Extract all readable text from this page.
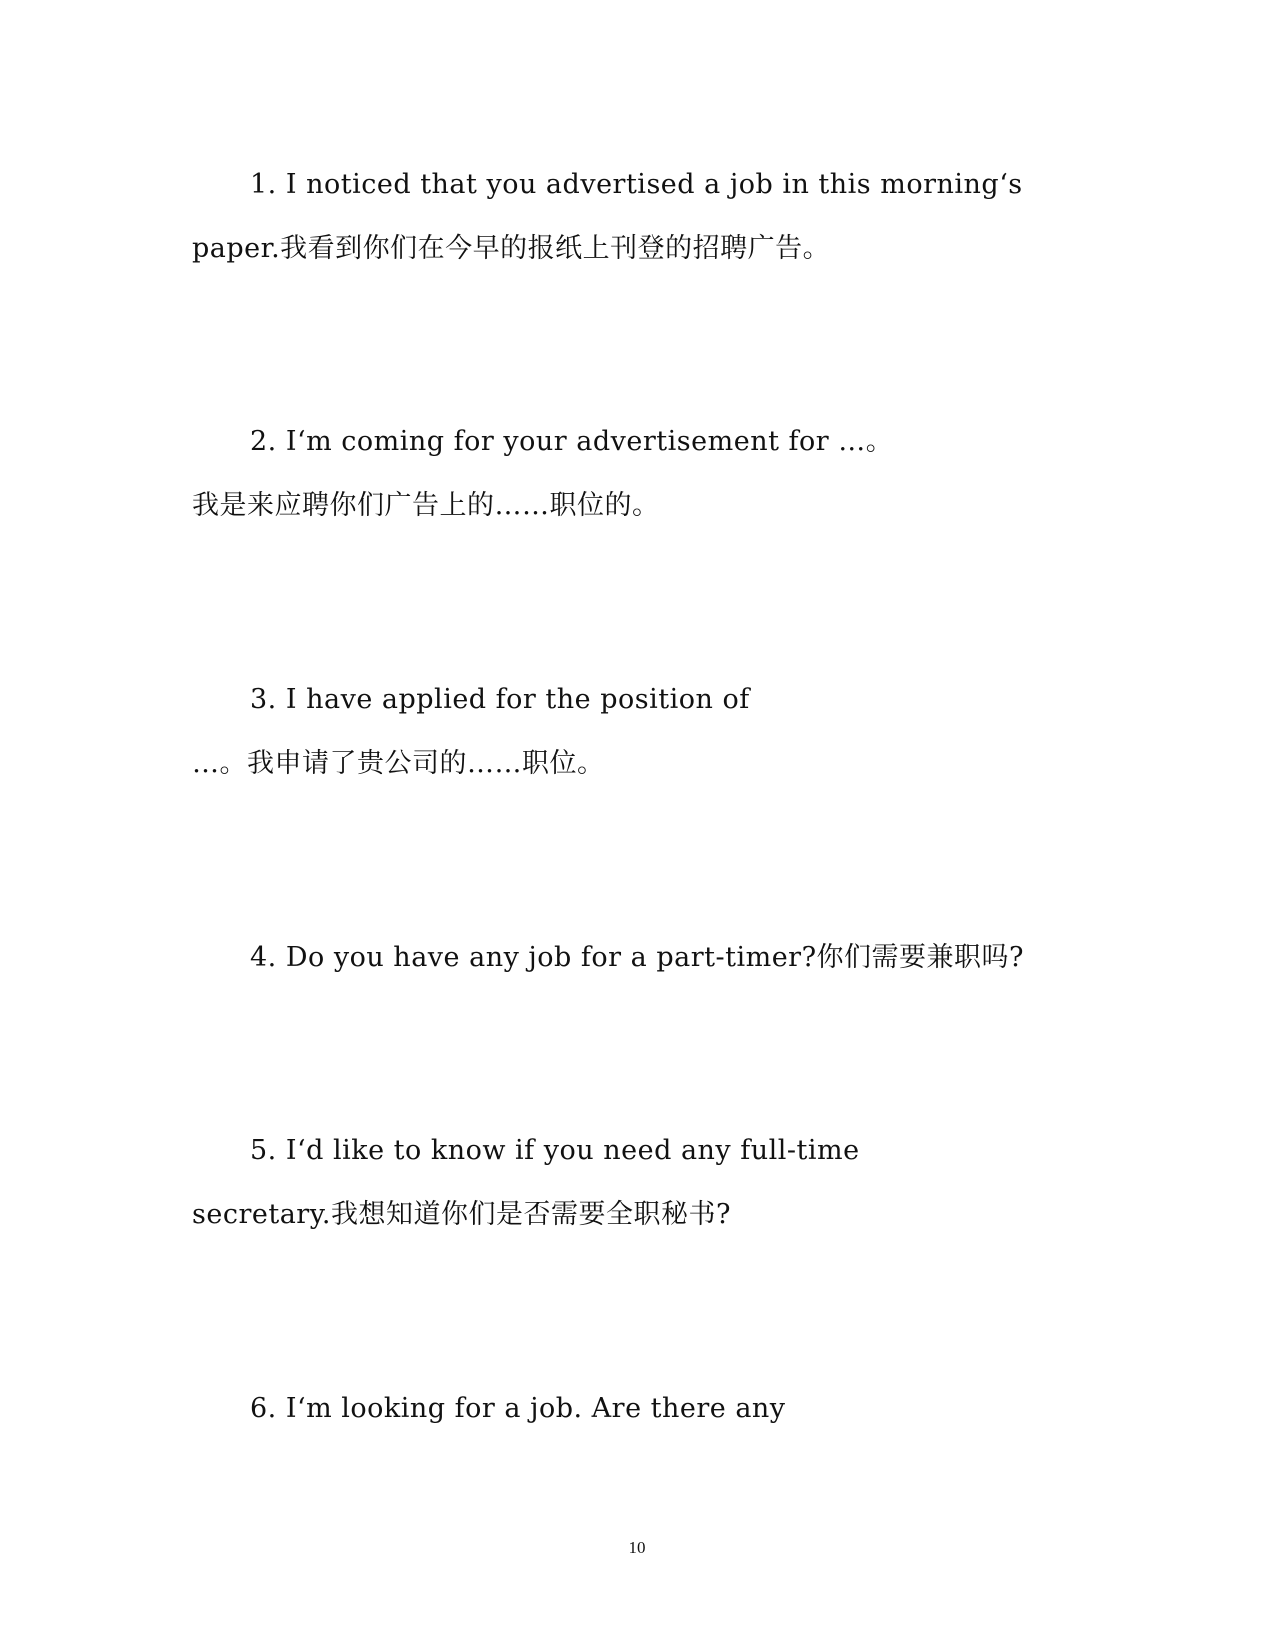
1. I noticed that you advertised a job in this morning‘s
paper.我看到你们在今早的报纸上刊登的招聘广告。
2. I‘m coming for your advertisement for …。
我是来应聘你们广告上的……职位的。
3. I have applied for the position of
…。我申请了贵公司的……职位。
4. Do you have any job for a part-timer?你们需要兼职吗?
5. I‘d like to know if you need any full-time
secretary.我想知道你们是否需要全职秘书?
6. I‘m looking for a job. Are there any
10
